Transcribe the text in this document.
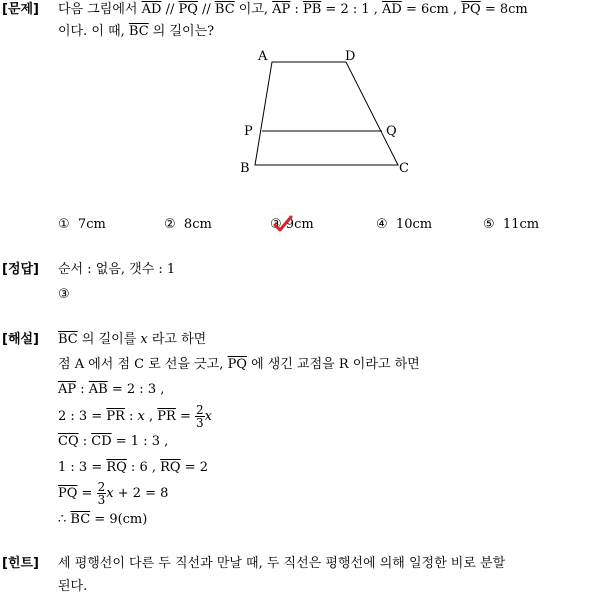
[문제] 다음 그림에서 $\overline{AD} // \overline{PQ} // \overline{BC}$ 이고, $\overline{AP}$ : $\overline{PB} = 2$ : 1 , $\overline{AD} = 6cm$ , $\overline{PQ} = 8cm$
이다. 이 때, $\overline{BC}$ 의 길이는?
A	D
P	Q
B	C
① 7cm	② 8cm	③ 9cm	④ 10cm	⑤ 11cm
[정답] 순서 : 없음, 갯수 : 1
③
[해설] $\overline{BC}$ 의 길이를 x 라고 하면
점 A 에서 점 C 로 선을 긋고, $\overline{PQ}$ 에 생긴 교점을 R 이라고 하면
$\overline{AP}$ : $\overline{AB} = 2$ : 3 ,
2 : $3 = \overline{PR}$ : x , $\overline{PR} = \frac{2}{3}$ x
$\overline{CQ}$ : $\overline{CD} = 1$ : 3 ,
1 : $3 = \overline{RQ}$ : 6 , $\overline{RQ} = 2$
$\overline{PQ} = \frac{2}{3}$ x + 2 = 8
∴ $\overline{BC} = 9(cm)$
[힌트] 세 평행선이 다른 두 직선과 만날 때, 두 직선은 평행선에 의해 일정한 비로 분할
된다.
